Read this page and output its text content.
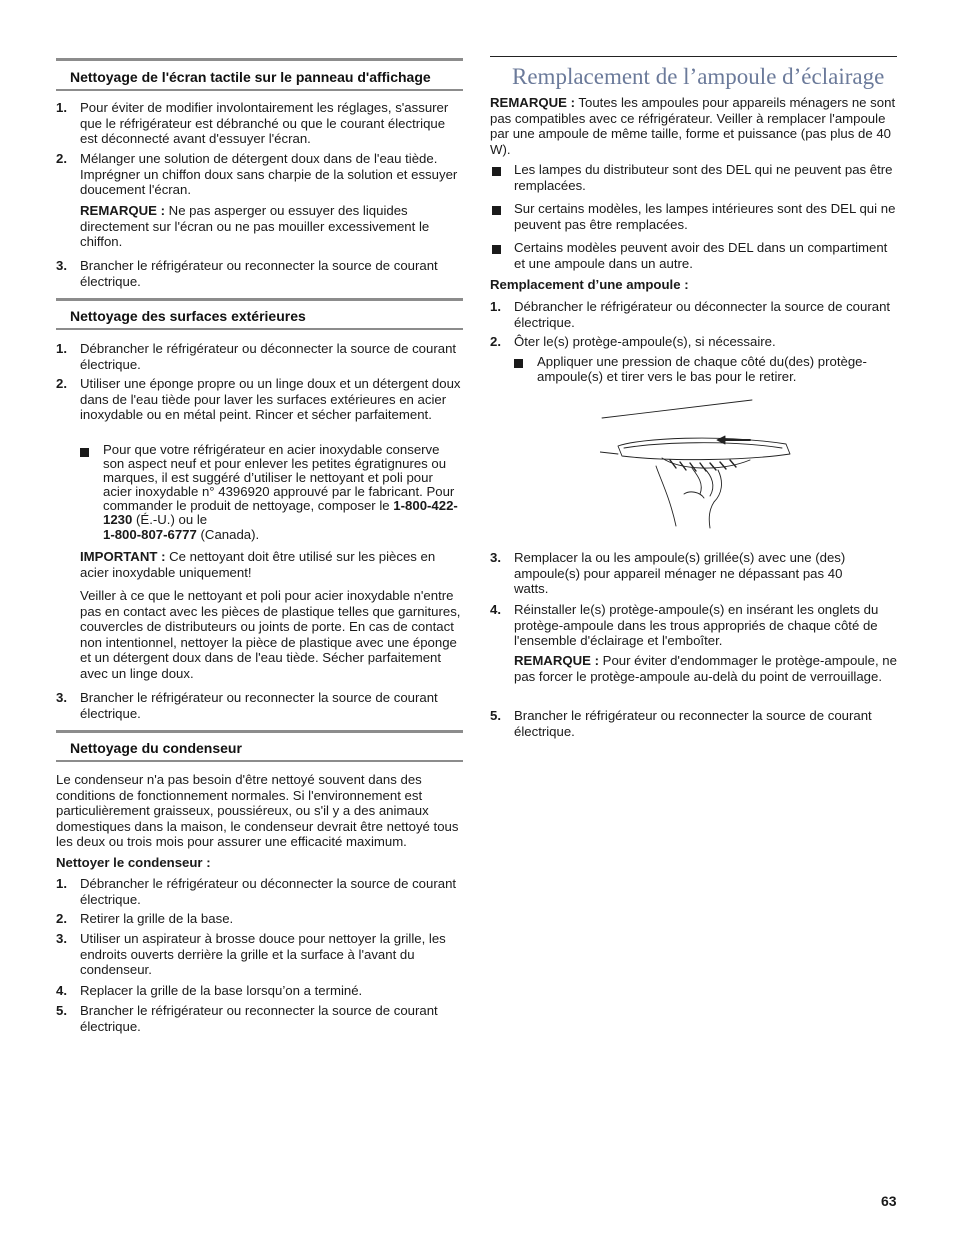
Nettoyage de l'écran tactile sur le panneau d'affichage
1. Pour éviter de modifier involontairement les réglages, s'assurer que le réfrigérateur est débranché ou que le courant électrique est déconnecté avant d'essuyer l'écran.

2. Mélanger une solution de détergent doux dans de l'eau tiède. Imprégner un chiffon doux sans charpie de la solution et essuyer doucement l'écran.

REMARQUE : Ne pas asperger ou essuyer des liquides directement sur l'écran ou ne pas mouiller excessivement le chiffon.

3. Brancher le réfrigérateur ou reconnecter la source de courant électrique.

Nettoyage des surfaces extérieures
1. Débrancher le réfrigérateur ou déconnecter la source de courant électrique.

2. Utiliser une éponge propre ou un linge doux et un détergent doux dans de l'eau tiède pour laver les surfaces extérieures en acier inoxydable ou en métal peint. Rincer et sécher parfaitement.

Pour que votre réfrigérateur en acier inoxydable conserve son aspect neuf et pour enlever les petites égratignures ou marques, il est suggéré d’utiliser le nettoyant et poli pour acier inoxydable n° 4396920 approuvé par le fabricant. Pour commander le produit de nettoyage, composer le 1-800-422-1230 (É.-U.) ou le
1-800-807-6777 (Canada).

IMPORTANT : Ce nettoyant doit être utilisé sur les pièces en acier inoxydable uniquement!

Veiller à ce que le nettoyant et poli pour acier inoxydable n'entre pas en contact avec les pièces de plastique telles que garnitures, couvercles de distributeurs ou joints de porte. En cas de contact non intentionnel, nettoyer la pièce de plastique avec une éponge et un détergent doux dans de l'eau tiède. Sécher parfaitement avec un linge doux.

3. Brancher le réfrigérateur ou reconnecter la source de courant électrique.

Nettoyage du condenseur

Le condenseur n'a pas besoin d'être nettoyé souvent dans des conditions de fonctionnement normales. Si l'environnement est particulièrement graisseux, poussiéreux, ou s'il y a des animaux domestiques dans la maison, le condenseur devrait être nettoyé tous les deux ou trois mois pour assurer une efficacité maximum.

Nettoyer le condenseur :

1. Débrancher le réfrigérateur ou déconnecter la source de courant électrique.

2. Retirer la grille de la base.

3. Utiliser un aspirateur à brosse douce pour nettoyer la grille, les endroits ouverts derrière la grille et la surface à l'avant du condenseur.

4. Replacer la grille de la base lorsqu’on a terminé.

5. Brancher le réfrigérateur ou reconnecter la source de courant électrique.

Remplacement de l’ampoule d’éclairage

REMARQUE : Toutes les ampoules pour appareils ménagers ne sont pas compatibles avec ce réfrigérateur. Veiller à remplacer l'ampoule par une ampoule de même taille, forme et puissance (pas plus de 40 W).

Les lampes du distributeur sont des DEL qui ne peuvent pas être remplacées.

Sur certains modèles, les lampes intérieures sont des DEL qui ne peuvent pas être remplacées.

Certains modèles peuvent avoir des DEL dans un compartiment et une ampoule dans un autre.

Remplacement d’une ampoule :

1. Débrancher le réfrigérateur ou déconnecter la source de courant électrique.

2. Ôter le(s) protège-ampoule(s), si nécessaire.

Appliquer une pression de chaque côté du(des) protège-ampoule(s) et tirer vers le bas pour le retirer.

3. Remplacer la ou les ampoule(s) grillée(s) avec une (des) ampoule(s) pour appareil ménager ne dépassant pas 40 watts.

4. Réinstaller le(s) protège-ampoule(s) en insérant les onglets du protège-ampoule dans les trous appropriés de chaque côté de l'ensemble d'éclairage et l'emboîter.

REMARQUE : Pour éviter d'endommager le protège-ampoule, ne pas forcer le protège-ampoule au-delà du point de verrouillage.

5. Brancher le réfrigérateur ou reconnecter la source de courant électrique.

63
